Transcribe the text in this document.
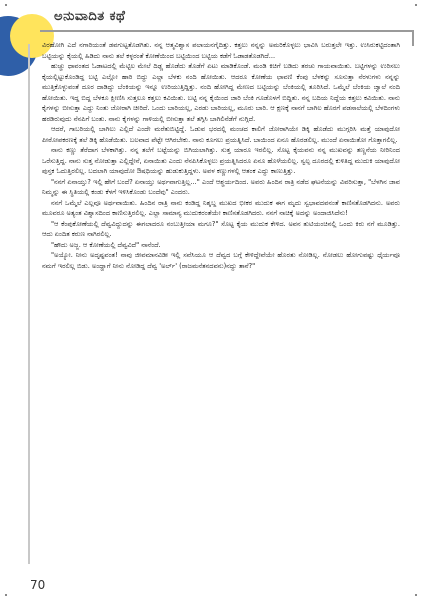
ಅನುವಾದಿತ ಕಥೆ

ವಿರಹೋಗಿ ಎದೆ ನಗಾರಿಯಂತೆ ಡವಗುಟ್ಟತೊಡಗಿತು. ನನ್ನ ಆತ್ಮವಿಶ್ವಾಸ ಪಲಾಯನಗೈದಿತ್ತು. ಕತ್ತಲು ನನ್ನನ್ನು ಅಮರಿಕೊಳ್ಳಲು ಭಾವಿಸಿ ಬರುತ್ತಲೇ ಇತ್ತು. ಉಸಿರುಕಟ್ಟಿದಂತಾಗಿ ಬಟ್ಟಿಯನ್ನು ಕೈಯಲ್ಲಿ ಹಿಡಿದು ನಾನು ತಲೆ ಕಳ್ಳರಂತೆ ಕೋಣೆಯಿಂದ ಬಟ್ಟಿಯಿಂದ ಬಟ್ಟಿಯ ಕಡೆಗೆ ಓಡಾಡತೊಡಗಿದೆ...

ಹುಚ್ಚು ಧಾವಂತದ ಓಡಾಟದಲ್ಲಿ ಮೆಟ್ಟಿಲ ಮೇಲೆ ದಿಢ್ಣ ಹೊಡೆದು ತೊಡೆಗೆ ಏಟು ಮಾಡಿಕೊಂಡೆ. ಮಂಡಿ ಕಿಚಿಗೆ ಬಡಿದು ತರಚು ಗಾಯವಾಯಿತು. ಬಟ್ಟಿಗಳನ್ನು ಉರಿಸಲು ಕೈಯಲ್ಲಿಟ್ಟುಕೊಂಡಿದ್ದ ಬಟ್ಟಿ ಎಲ್ಲೋ ಹಾರಿ ಬಿದ್ದು ಎಲ್ಲಾ ಬೆಳಕು ನಂದಿ ಹೋಯಿತು. ಆದರೂ ಕೋಣೆಯ ಛಾವಣಿ ಕೆಂಪು ಬೆಳಕನ್ನು ಸೂಸುತ್ತಾ ನೆರಳುಗಳು ನನ್ನನ್ನು ಮುತ್ತಿಕೊಳ್ಳುವಂತೆ ದೂರ ದಾಡಿದ್ದು ಬೆಂಕಿಯನ್ನು ಇನ್ನೂ ಉರಿಯುತ್ತಿದ್ದಿತ್ತು. ನಂದಿ ಹೋಗಿದ್ದ ಮೇಣದ ಬಟ್ಟಿಯನ್ನು ಬೆಂಕಿಯಲ್ಲಿ ತೂರಿಸಿದೆ. ಒಮ್ಮೆಲೆ ಬೆಂಕಿಯ ಜ್ವಾಲೆ ನಂದಿ ಹೋಯಿತು. ಇದ್ದ ಬಿದ್ದ ಬೆಳಕೂ ಕ್ಷೀಣಿಸಿ ಸುತ್ತಲೂ ಕತ್ತಲು ಕವಿಯಿತು. ಬಟ್ಟಿ ನನ್ನ ಕೈಯಿಂದ ಜಾರಿ ಬೆಂಕಿ ಗೂಡೊಳಗೆ ಬಿದ್ದಿತು. ನನ್ನ ಬದಿಯ ನಿದ್ದೆಯ ಕತ್ತಲು ಕವಿಯಿತು. ನಾನು ಕೈಗಳನ್ನು ಬೀಸುತ್ತಾ ಎದ್ದು ನಿಂತು ಜೋರಾಗಿ ಚೀರಿದೆ. ಒಂದು ಬಾರಿಯಲ್ಲ, ಎರಡು ಬಾರಿಯಲ್ಲ, ಮೂರು ಬಾರಿ. ಆ ಕ್ಷಣಕ್ಕೆ ನಾನಗೆ ಬಾಗಿಲ ಹೊರಗೆ ಪಡಸಾಲೆಯಲ್ಲಿ ಬೆಳದಿಂಗಳು ಹರಡಿರುವುದು ನೆನಪಿಗೆ ಬಂತು. ನಾನು ಕೈಗಳನ್ನು ಗಾಳಿಯಲ್ಲಿ ಬೀಸುತ್ತಾ ತಲೆ ತಗ್ಗಿಸಿ ಬಾಗಿಲಿನೆಡೆಗೆ ನುಗ್ಗಿದೆ.

ಆದರೆ, ಗಾಬರಿಯಲ್ಲಿ ಬಾಗಿಲು ಎಲ್ಲಿದೆ ಎಂದೇ ಮರೆತುಬಿಟ್ಟಿದ್ದೆ. ಓಡುವ ಭರದಲ್ಲಿ ಮಂಚದ ಕಾಲಿಗೆ ಜೋರಾಗಿಯೇ ಡಿಕ್ಕಿ ಹೊಡೆದು ಮುಗ್ಗರಿಸಿ ಮತ್ತೆ ಯಾವುದೋ ಪೀಠೋಪಕರಣಕ್ಕೆ ತಲೆ ಡಿಕ್ಕಿ ಹೊಡೆಯಿತು. ಬಲವಾದ ಪೆಟ್ಟೇ ಆಗಿರಬೇಕು. ನಾನು ಕೂಗಲು ಪ್ರಯತ್ನಿಸಿದೆ. ಬಾಯಿಂದ ಏನೂ ಹೊರಡಲಿಲ್ಲ. ಮುಂದೆ ಏನಾಯಿತೋ ಗೊತ್ತಾಗಲಿಲ್ಲ.

ನಾನು ಕಣ್ಣು ತೆರೆದಾಗ ಬೆಳಕಾಗಿತ್ತು. ನನ್ನ ತಲೆಗೆ ಬಟ್ಟೆಯನ್ನು ಬಿಗಿಯಲಾಗಿತ್ತು. ಸುತ್ತ ಯಾರೂ ಇರಲಿಲ್ಲ. ಸೊಟ್ಟ ಕೈಯವನು ನನ್ನ ಮುಖವನ್ನು ತಣ್ಣನೆಯ ನೀರಿನಿಂದ ಒರೆಸುತ್ತಿದ್ದ. ನಾನು ಸುತ್ತ ನೋಡುತ್ತಾ ಎಲ್ಲಿದ್ದೇನೆ, ಏನಾಯಿತು ಎಂದು ನೆನಪಿಸಿಕೊಳ್ಳಲು ಪ್ರಯತ್ನಿಸಿದರೂ ಏನೂ ಹೊಳೆಯಲಿಲ್ಲ. ಸ್ವಲ್ಪ ದೂರದಲ್ಲಿ ಕುಳಿತಿದ್ದ ಮುದುಕಿ ಯಾವುದೋ ಪುಸ್ತಕ ಓದುತ್ತಿರಲಿಲ್ಲ. ಬದಲಾಗಿ ಯಾವುದೋ ಔಷಧಿಯನ್ನು ಹುಡುಕುತ್ತಿದ್ದಳು. ಅವಳ ಕಣ್ಣುಗಳಲ್ಲಿ ಆತಂಕ ಎದ್ದು ಕಾಣುತ್ತಿತ್ತು.

"ನನಗೆ ಏನಾಯ್ತು? ಇಲ್ಲಿ ಹೇಗೆ ಬಂದೆ? ಏನಾಯ್ತು ಅರ್ಥವಾಗುತ್ತಿಲ್ಲ..." ಎಂದೆ ಆಶ್ಚರ್ಯದಿಂದ. ಅವರು ಹಿಂದಿನ ರಾತ್ರಿ ನಡೆದ ಘಟನೆಯನ್ನು ವಿವರಿಸುತ್ತಾ, "ಬೆಳಗಿನ ಜಾವ ನಿಮ್ಮನ್ನು ಈ ಸ್ಥಿತಿಯಲ್ಲಿ ಕಂಡು ಕೆಳಗೆ ಇಳಿಸಿಕೊಂಡು ಬಂದೆವು" ಎಂದರು.

ನನಗೆ ಒಮ್ಮೆಲೆ ಎಲ್ಲವೂ ಅರ್ಥವಾಯಿತು. ಹಿಂದಿನ ರಾತ್ರಿ ನಾನು ಕಂಡಿದ್ದ ನಿಶ್ಶಬ್ದ ಮುಖದ ಭೀಕರ ಮುದುಕ ಈಗ ಮೃದು ಸ್ವಭಾವದವನಂತೆ ಕಾಣಿಸತೊಡಗಿದನು. ಅವರು ಮೂವರೂ ಅತ್ಯಂತ ವಿಶ್ವಾಸದಿಂದ ಕಾಣಿಸುತ್ತಿರಲಿಲ್ಲ. ಎಲ್ಲಾ ಸಾಮಾನ್ಯ ಮುದುಕರಂತೆಯೇ ಕಾಣಿಸತೊಡಗಿದರು. ನನಗೆ ನಾಚಿಕ್ಕೆ ಅದನ್ನು ಅಂದಾಜಿಸಿದೆನು!

"ಆ ಕೆಂಪುಕೋಣೆಯಲ್ಲಿ ದೆವ್ವವಿದ್ದುದನ್ನು ಈಗಲಾದರೂ ನಂಬುತ್ತೀಯಾ ಮಗೂ?" ಸೊಟ್ಟ ಕೈಯ ಮುದುಕ ಕೇಳಿದ. ಅವನ ತುಟಿಯಂಚಿನಲ್ಲಿ ಒಂದು ಕಿರು ನಗೆ ಮೂಡಿತ್ತು. ಆದು ಏಂದಿತ ಕರುಣ ನಾಗಿರಲಿಲ್ಲ.

"ಹೌದು ಅಜ್ಜ. ಆ ಕೋಣೆಯಲ್ಲಿ ದೆವ್ವವಿದೆ" ನಾನೆಂದೆ.

"ಅಯ್ಯೋ. ನೀನು ಅದೃಷ್ಟವಂತ! ನಾವು ಜೀವಮಾನವಿಡೀ ಇಲ್ಲಿ ಸವೆಸಿಯೂ ಆ ದೆವ್ವದ ಬಗ್ಗೆ ಕೇಳಿದ್ದೇವೆಯೇ ಹೊರತು ನೋಡಿಲ್ಲ. ನೋಡಲು ಹೋಗುವಷ್ಟು ಧೈರ್ಯವೂ ನಮಗೆ ಇರಲಿಲ್ಲ ಬಿಡು. ಅಂದ್ಹಾಗೆ ನೀನು ನೋಡಿದ್ದ ದೆವ್ವ 'ಅರ್ಲ್' (ರಾಜಮನೆತನದವನು)ನದ್ದು ತಾನೆ?"

70
